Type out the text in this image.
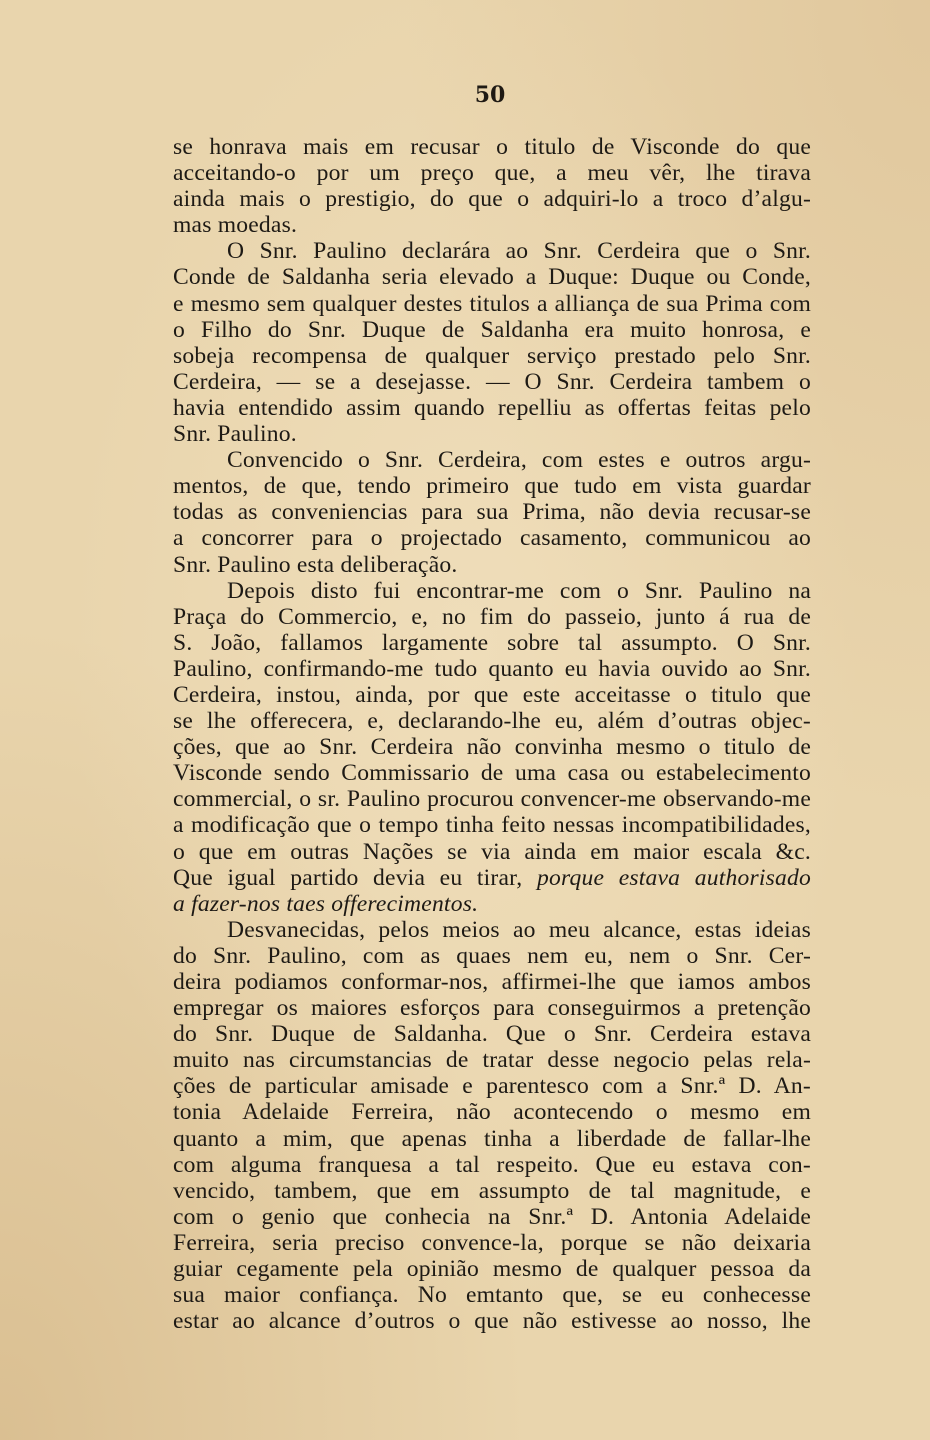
50
se honrava mais em recusar o titulo de Visconde do que
acceitando-o por um preço que, a meu vêr, lhe tirava
ainda mais o prestigio, do que o adquiri-lo a troco d’algu-
mas moedas.
O Snr. Paulino declarára ao Snr. Cerdeira que o Snr.
Conde de Saldanha seria elevado a Duque: Duque ou Conde,
e mesmo sem qualquer destes titulos a alliança de sua Prima com
o Filho do Snr. Duque de Saldanha era muito honrosa, e
sobeja recompensa de qualquer serviço prestado pelo Snr.
Cerdeira, — se a desejasse. — O Snr. Cerdeira tambem o
havia entendido assim quando repelliu as offertas feitas pelo
Snr. Paulino.
Convencido o Snr. Cerdeira, com estes e outros argu-
mentos, de que, tendo primeiro que tudo em vista guardar
todas as conveniencias para sua Prima, não devia recusar-se
a concorrer para o projectado casamento, communicou ao
Snr. Paulino esta deliberação.
Depois disto fui encontrar-me com o Snr. Paulino na
Praça do Commercio, e, no fim do passeio, junto á rua de
S. João, fallamos largamente sobre tal assumpto. O Snr.
Paulino, confirmando-me tudo quanto eu havia ouvido ao Snr.
Cerdeira, instou, ainda, por que este acceitasse o titulo que
se lhe offerecera, e, declarando-lhe eu, além d’outras objec-
ções, que ao Snr. Cerdeira não convinha mesmo o titulo de
Visconde sendo Commissario de uma casa ou estabelecimento
commercial, o sr. Paulino procurou convencer-me observando-me
a modificação que o tempo tinha feito nessas incompatibilidades,
o que em outras Nações se via ainda em maior escala &c.
Que igual partido devia eu tirar, porque estava authorisado
a fazer-nos taes offerecimentos.
Desvanecidas, pelos meios ao meu alcance, estas ideias
do Snr. Paulino, com as quaes nem eu, nem o Snr. Cer-
deira podiamos conformar-nos, affirmei-lhe que iamos ambos
empregar os maiores esforços para conseguirmos a pretenção
do Snr. Duque de Saldanha. Que o Snr. Cerdeira estava
muito nas circumstancias de tratar desse negocio pelas rela-
ções de particular amisade e parentesco com a Snr.ª D. An-
tonia Adelaide Ferreira, não acontecendo o mesmo em
quanto a mim, que apenas tinha a liberdade de fallar-lhe
com alguma franquesa a tal respeito. Que eu estava con-
vencido, tambem, que em assumpto de tal magnitude, e
com o genio que conhecia na Snr.ª D. Antonia Adelaide
Ferreira, seria preciso convence-la, porque se não deixaria
guiar cegamente pela opinião mesmo de qualquer pessoa da
sua maior confiança. No emtanto que, se eu conhecesse
estar ao alcance d’outros o que não estivesse ao nosso, lhe
